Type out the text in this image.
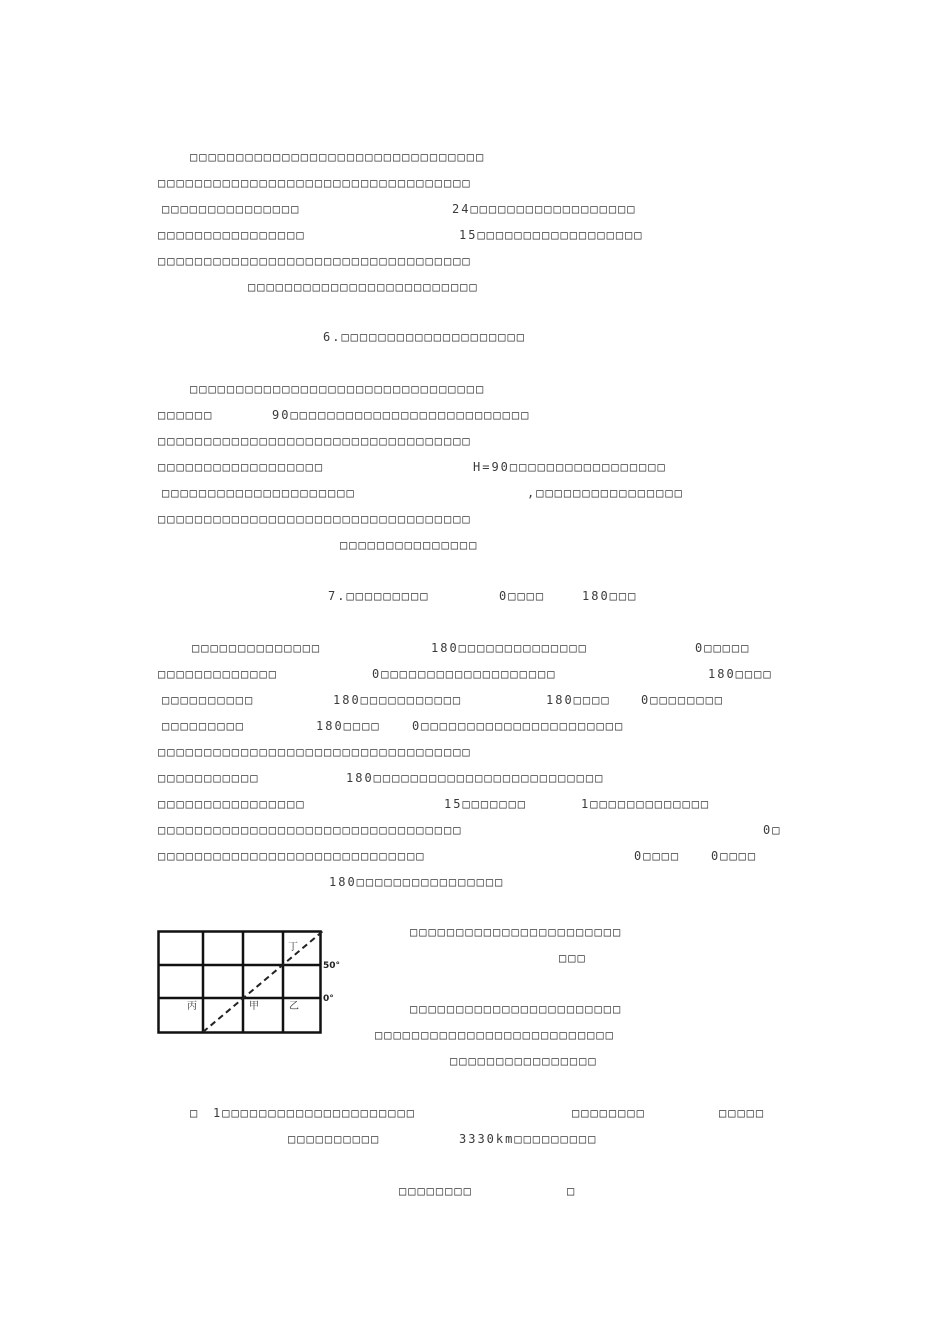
□□□□□□□□□□□□□□□□□□□□□□□□□□□□□□□□
□□□□□□□□□□□□□□□□□□□□□□□□□□□□□□□□□□
□□□□□□□□□□□□□□□	24□□□□□□□□□□□□□□□□□□
□□□□□□□□□□□□□□□□	15□□□□□□□□□□□□□□□□□□
□□□□□□□□□□□□□□□□□□□□□□□□□□□□□□□□□□
□□□□□□□□□□□□□□□□□□□□□□□□□
6.□□□□□□□□□□□□□□□□□□□□
□□□□□□□□□□□□□□□□□□□□□□□□□□□□□□□□
□□□□□□	90□□□□□□□□□□□□□□□□□□□□□□□□□□
□□□□□□□□□□□□□□□□□□□□□□□□□□□□□□□□□□
□□□□□□□□□□□□□□□□□□	H=90□□□□□□□□□□□□□□□□□
□□□□□□□□□□□□□□□□□□□□□	,□□□□□□□□□□□□□□□□
□□□□□□□□□□□□□□□□□□□□□□□□□□□□□□□□□□
□□□□□□□□□□□□□□□
7.□□□□□□□□□	0□□□□	180□□□
□□□□□□□□□□□□□□	180□□□□□□□□□□□□□□	0□□□□□
□□□□□□□□□□□□□	0□□□□□□□□□□□□□□□□□□□	180□□□□
□□□□□□□□□□	180□□□□□□□□□□□	180□□□□	0□□□□□□□□
□□□□□□□□□	180□□□□	0□□□□□□□□□□□□□□□□□□□□□□
□□□□□□□□□□□□□□□□□□□□□□□□□□□□□□□□□□
□□□□□□□□□□□	180□□□□□□□□□□□□□□□□□□□□□□□□□
□□□□□□□□□□□□□□□□	15□□□□□□□	1□□□□□□□□□□□□□
□□□□□□□□□□□□□□□□□□□□□□□□□□□□□□□□□	0□
□□□□□□□□□□□□□□□□□□□□□□□□□□□□□	0□□□□	0□□□□
180□□□□□□□□□□□□□□□□
丙	甲	乙
丁
50°
0°
□□□□□□□□□□□□□□□□□□□□□□□
□□□
□□□□□□□□□□□□□□□□□□□□□□□
□□□□□□□□□□□□□□□□□□□□□□□□□□
□□□□□□□□□□□□□□□□
□ 1□□□□□□□□□□□□□□□□□□□□□	□□□□□□□□	□□□□□
□□□□□□□□□□	3330km□□□□□□□□□
□□□□□□□□	□
